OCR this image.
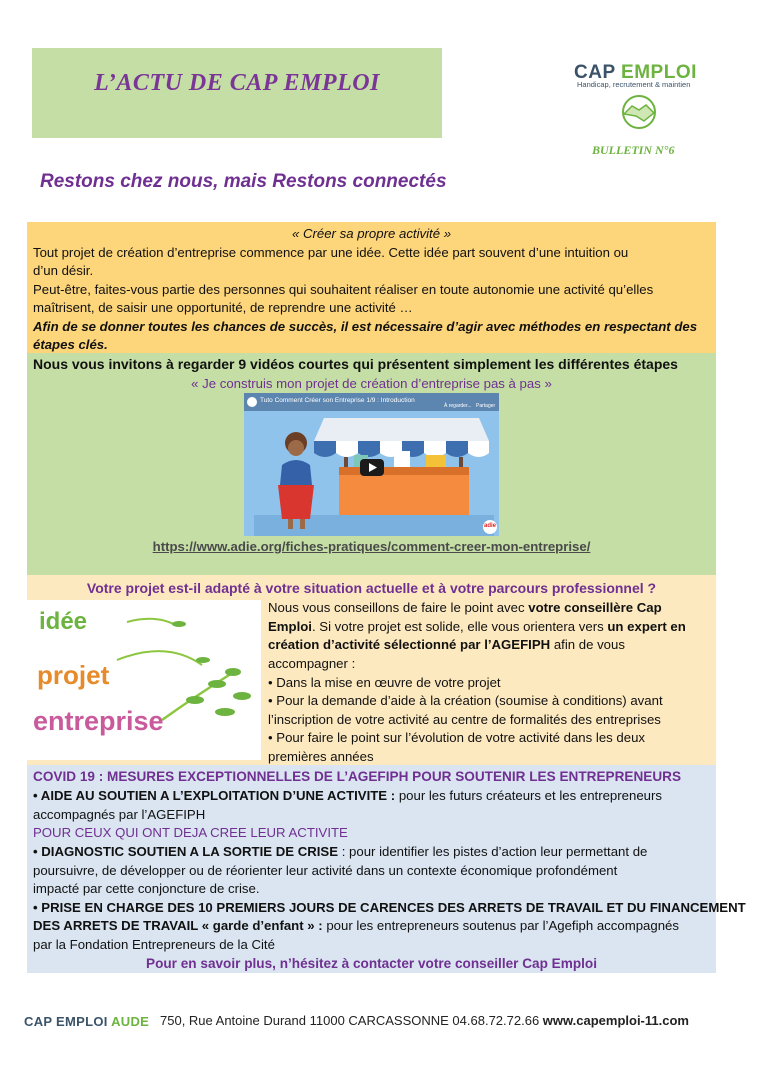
L’ACTU DE CAP EMPLOI	CAP EMPLOI
Handicap, recrutement & maintien
BULLETIN N°6
Restons chez nous, mais Restons connectés
« Créer sa propre activité »
Tout projet de création d’entreprise commence par une idée. Cette idée part souvent d’une intuition ou
d’un désir.
Peut-être, faites-vous partie des personnes qui souhaitent réaliser en toute autonomie une activité qu’elles
maîtrisent, de saisir une opportunité, de reprendre une activité …
Afin de se donner toutes les chances de succès, il est nécessaire d’agir avec méthodes en respectant des
étapes clés.
Nous vous invitons à regarder 9 vidéos courtes qui présentent simplement les différentes étapes
« Je construis mon projet de création d’entreprise pas à pas »
Tuto Comment Créer son Entreprise 1/9 : Introduction
À regarder... Partager
adie
https://www.adie.org/fiches-pratiques/comment-creer-mon-entreprise/
Votre projet est-il adapté à votre situation actuelle et à votre parcours professionnel ?
idée
projet
entreprise
Nous vous conseillons de faire le point avec votre conseillère Cap
Emploi. Si votre projet est solide, elle vous orientera vers un expert en
création d’activité sélectionné par l’AGEFIPH afin de vous
accompagner :
• Dans la mise en œuvre de votre projet
• Pour la demande d’aide à la création (soumise à conditions) avant
l’inscription de votre activité au centre de formalités des entreprises
• Pour faire le point sur l’évolution de votre activité dans les deux
premières années
COVID 19 : MESURES EXCEPTIONNELLES DE L’AGEFIPH POUR SOUTENIR LES ENTREPRENEURS
• AIDE AU SOUTIEN A L’EXPLOITATION D’UNE ACTIVITE : pour les futurs créateurs et les entrepreneurs
accompagnés par l’AGEFIPH
POUR CEUX QUI ONT DEJA CREE LEUR ACTIVITE
• DIAGNOSTIC SOUTIEN A LA SORTIE DE CRISE : pour identifier les pistes d’action leur permettant de
poursuivre, de développer ou de réorienter leur activité dans un contexte économique profondément
impacté par cette conjoncture de crise.
• PRISE EN CHARGE DES 10 PREMIERS JOURS DE CARENCES DES ARRETS DE TRAVAIL ET DU FINANCEMENT
DES ARRETS DE TRAVAIL « garde d’enfant » : pour les entrepreneurs soutenus par l’Agefiph accompagnés
par la Fondation Entrepreneurs de la Cité
Pour en savoir plus, n’hésitez à contacter votre conseiller Cap Emploi
CAP EMPLOI AUDE 750, Rue Antoine Durand 11000 CARCASSONNE 04.68.72.72.66 www.capemploi-11.com
